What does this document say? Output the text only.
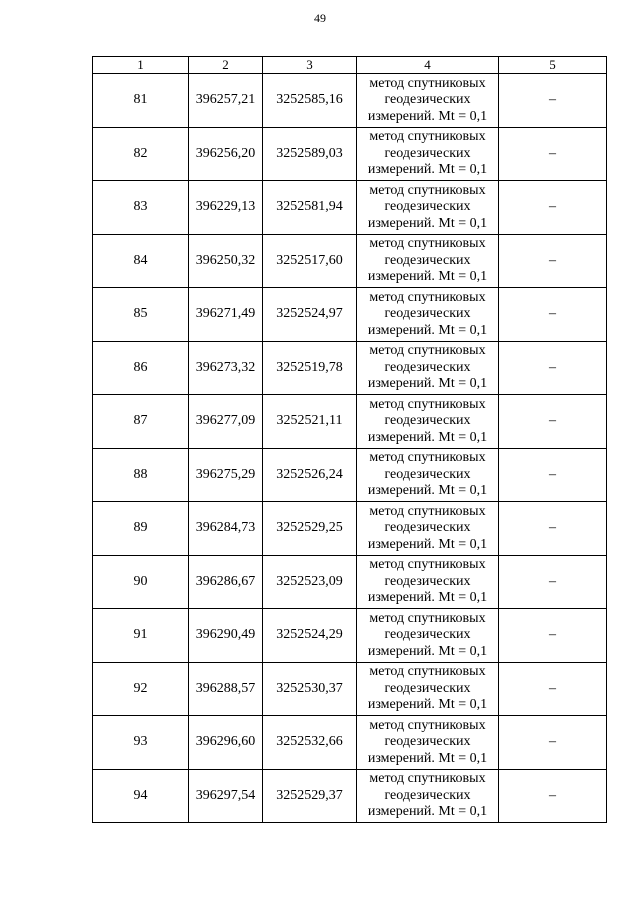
49
1	2	3	4	5
81	396257,21	3252585,16	метод спутниковых
геодезических
измерений. Mt = 0,1	–
82	396256,20	3252589,03	метод спутниковых
геодезических
измерений. Mt = 0,1	–
83	396229,13	3252581,94	метод спутниковых
геодезических
измерений. Mt = 0,1	–
84	396250,32	3252517,60	метод спутниковых
геодезических
измерений. Mt = 0,1	–
85	396271,49	3252524,97	метод спутниковых
геодезических
измерений. Mt = 0,1	–
86	396273,32	3252519,78	метод спутниковых
геодезических
измерений. Mt = 0,1	–
87	396277,09	3252521,11	метод спутниковых
геодезических
измерений. Mt = 0,1	–
88	396275,29	3252526,24	метод спутниковых
геодезических
измерений. Mt = 0,1	–
89	396284,73	3252529,25	метод спутниковых
геодезических
измерений. Mt = 0,1	–
90	396286,67	3252523,09	метод спутниковых
геодезических
измерений. Mt = 0,1	–
91	396290,49	3252524,29	метод спутниковых
геодезических
измерений. Mt = 0,1	–
92	396288,57	3252530,37	метод спутниковых
геодезических
измерений. Mt = 0,1	–
93	396296,60	3252532,66	метод спутниковых
геодезических
измерений. Mt = 0,1	–
94	396297,54	3252529,37	метод спутниковых
геодезических
измерений. Mt = 0,1	–
